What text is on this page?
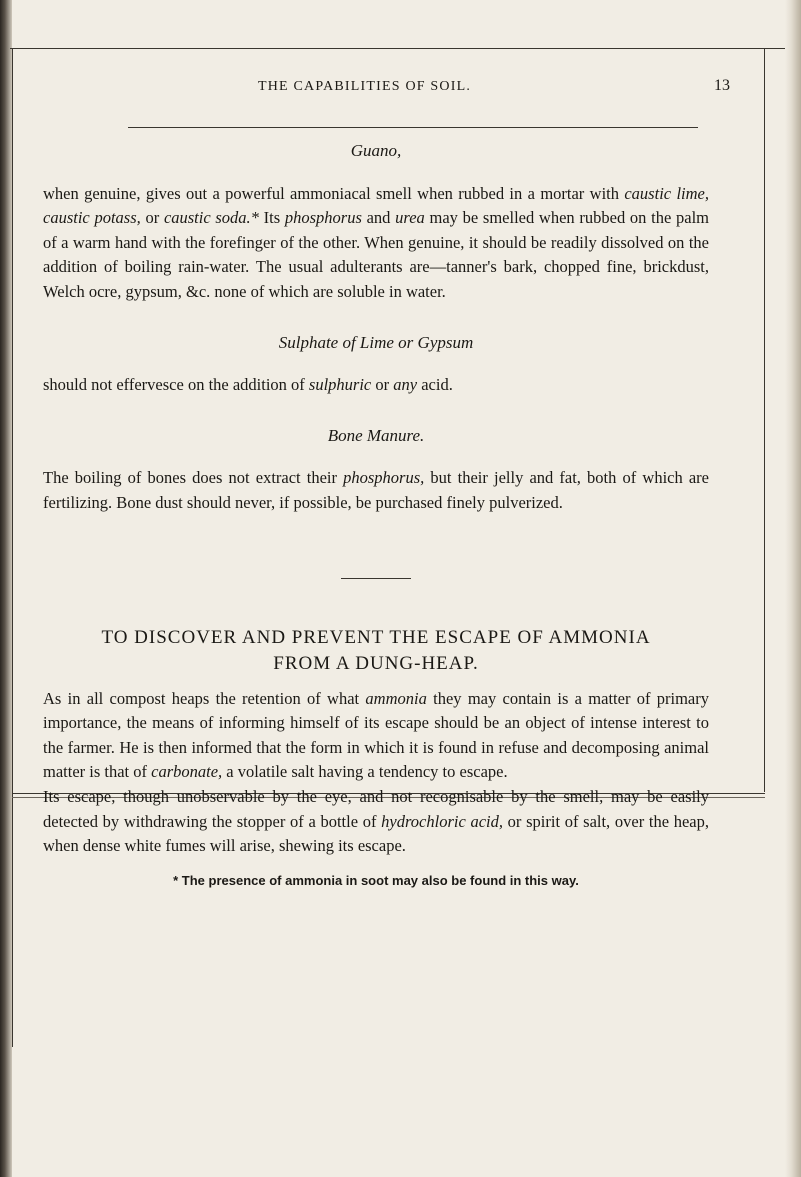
THE CAPABILITIES OF SOIL.	13

Guano,

when genuine, gives out a powerful ammoniacal smell when rubbed in a mortar with caustic lime, caustic potass, or caustic soda.* Its phosphorus and urea may be smelled when rubbed on the palm of a warm hand with the forefinger of the other. When genuine, it should be readily dissolved on the addition of boiling rain-water. The usual adulterants are—tanner's bark, chopped fine, brickdust, Welch ocre, gypsum, &c. none of which are soluble in water.

Sulphate of Lime or Gypsum

should not effervesce on the addition of sulphuric or any acid.

Bone Manure.

The boiling of bones does not extract their phosphorus, but their jelly and fat, both of which are fertilizing. Bone dust should never, if possible, be purchased finely pulverized.

TO DISCOVER AND PREVENT THE ESCAPE OF AMMONIA

FROM A DUNG-HEAP.

As in all compost heaps the retention of what ammonia they may contain is a matter of primary importance, the means of informing himself of its escape should be an object of intense interest to the farmer. He is then informed that the form in which it is found in refuse and decomposing animal matter is that of carbonate, a volatile salt having a tendency to escape.

Its escape, though unobservable by the eye, and not recognisable by the smell, may be easily detected by withdrawing the stopper of a bottle of hydrochloric acid, or spirit of salt, over the heap, when dense white fumes will arise, shewing its escape.

* The presence of ammonia in soot may also be found in this way.
